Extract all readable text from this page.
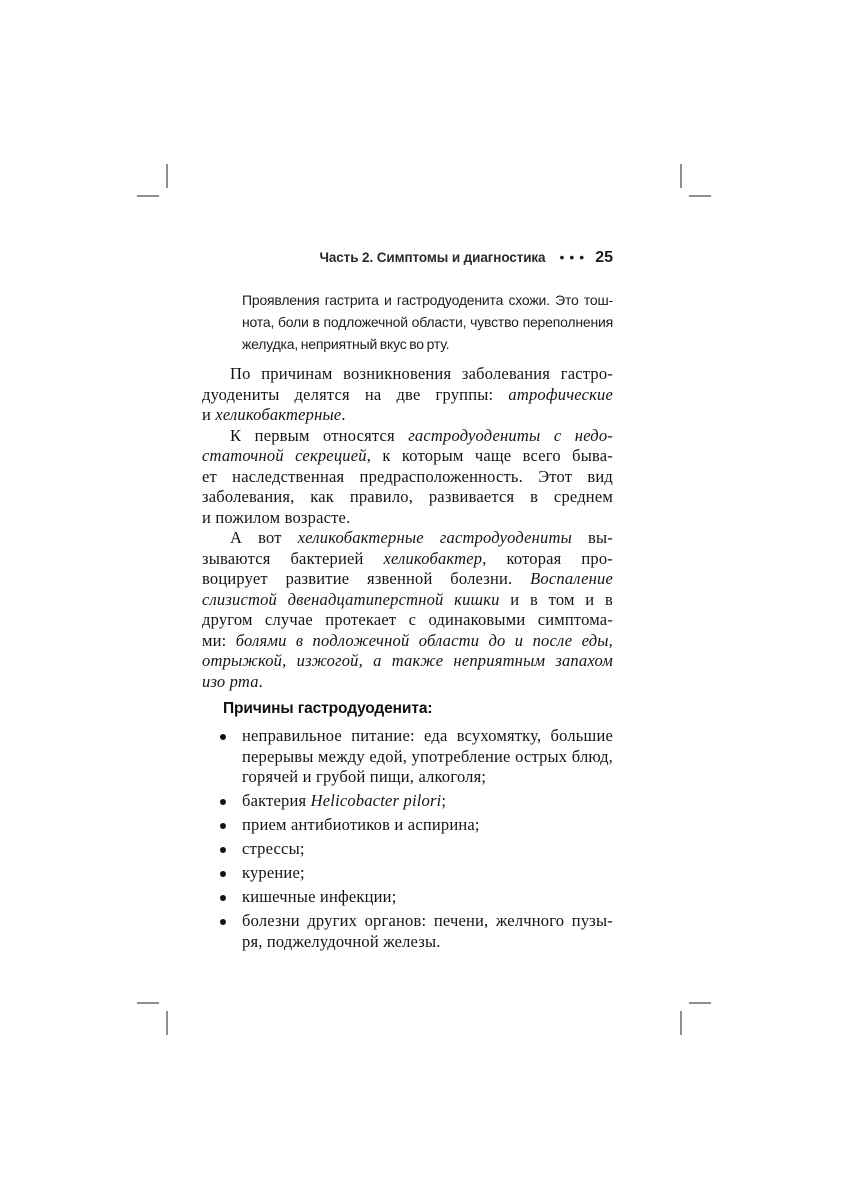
Часть 2. Симптомы и диагностика ••• 25
Проявления гастрита и гастродуоденита схожи. Это тош-
нота, боли в подложечной области, чувство переполнения
желудка, неприятный вкус во рту.
По причинам возникновения заболевания гастро-
дуодениты делятся на две группы: атрофические
и хеликобактерные.
К первым относятся гастродуодениты с недо-
статочной секрецией, к которым чаще всего быва-
ет наследственная предрасположенность. Этот вид
заболевания, как правило, развивается в среднем
и пожилом возрасте.
А вот хеликобактерные гастродуодениты вы-
зываются бактерией хеликобактер, которая про-
воцирует развитие язвенной болезни. Воспаление
слизистой двенадцатиперстной кишки и в том и в
другом случае протекает с одинаковыми симптома-
ми: болями в подложечной области до и после еды,
отрыжкой, изжогой, а также неприятным запахом
изо рта.
Причины гастродуоденита:
неправильное питание: еда всухомятку, большие
перерывы между едой, употребление острых блюд,
горячей и грубой пищи, алкоголя;
бактерия Helicobacter pilori;
прием антибиотиков и аспирина;
стрессы;
курение;
кишечные инфекции;
болезни других органов: печени, желчного пузы-
ря, поджелудочной железы.
